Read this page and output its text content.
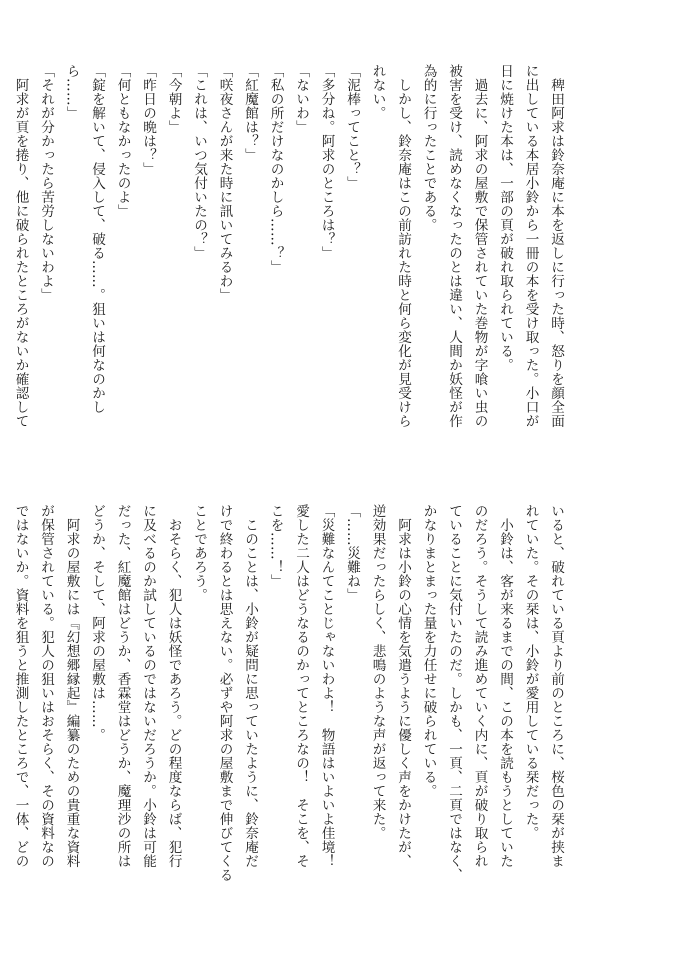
　稗田阿求は鈴奈庵に本を返しに行った時、怒りを顔全面
に出している本居小鈴から一冊の本を受け取った。小口が
日に焼けた本は、一部の頁が破れ取られている。
　過去に、阿求の屋敷で保管されていた巻物が字喰い虫の
被害を受け、読めなくなったのとは違い、人間か妖怪が作
為的に行ったことである。
　しかし、鈴奈庵はこの前訪れた時と何ら変化が見受けら
れない。
「泥棒ってこと？」
「多分ね。阿求のところは？」
「ないわ」
「私の所だけなのかしら……？」
「紅魔館は？」
「咲夜さんが来た時に訊いてみるわ」
「これは、いつ気付いたの？」
「今朝よ」
「昨日の晩は？」
「何ともなかったのよ」
「錠を解いて、侵入して、破る……。狙いは何なのかし
ら……」
「それが分かったら苦労しないわよ」
　阿求が頁を捲り、他に破られたところがないか確認して
いると、破れている頁より前のところに、桜色の栞が挟ま
れていた。その栞は、小鈴が愛用している栞だった。
　小鈴は、客が来るまでの間、この本を読もうとしていた
のだろう。そうして読み進めていく内に、頁が破り取られ
ていることに気付いたのだ。しかも、一頁、二頁ではなく、
かなりまとまった量を力任せに破られている。
　阿求は小鈴の心情を気遣うように優しく声をかけたが、
逆効果だったらしく、悲鳴のような声が返って来た。
「……災難ね」
「災難なんてことじゃないわよ！　物語はいよいよ佳境！
愛した二人はどうなるのかってところなの！　そこを、そ
こを……！」
　このことは、小鈴が疑問に思っていたように、鈴奈庵だ
けで終わるとは思えない。必ずや阿求の屋敷まで伸びてくる
ことであろう。
　おそらく、犯人は妖怪であろう。どの程度ならば、犯行
に及べるのか試しているのではないだろうか。小鈴は可能
だった、紅魔館はどうか、香霖堂はどうか、魔理沙の所は
どうか、そして、阿求の屋敷は……。
　阿求の屋敷には『幻想郷縁起』編纂のための貴重な資料
が保管されている。犯人の狙いはおそらく、その資料なの
ではないか。資料を狙うと推測したところで、一体、どの
